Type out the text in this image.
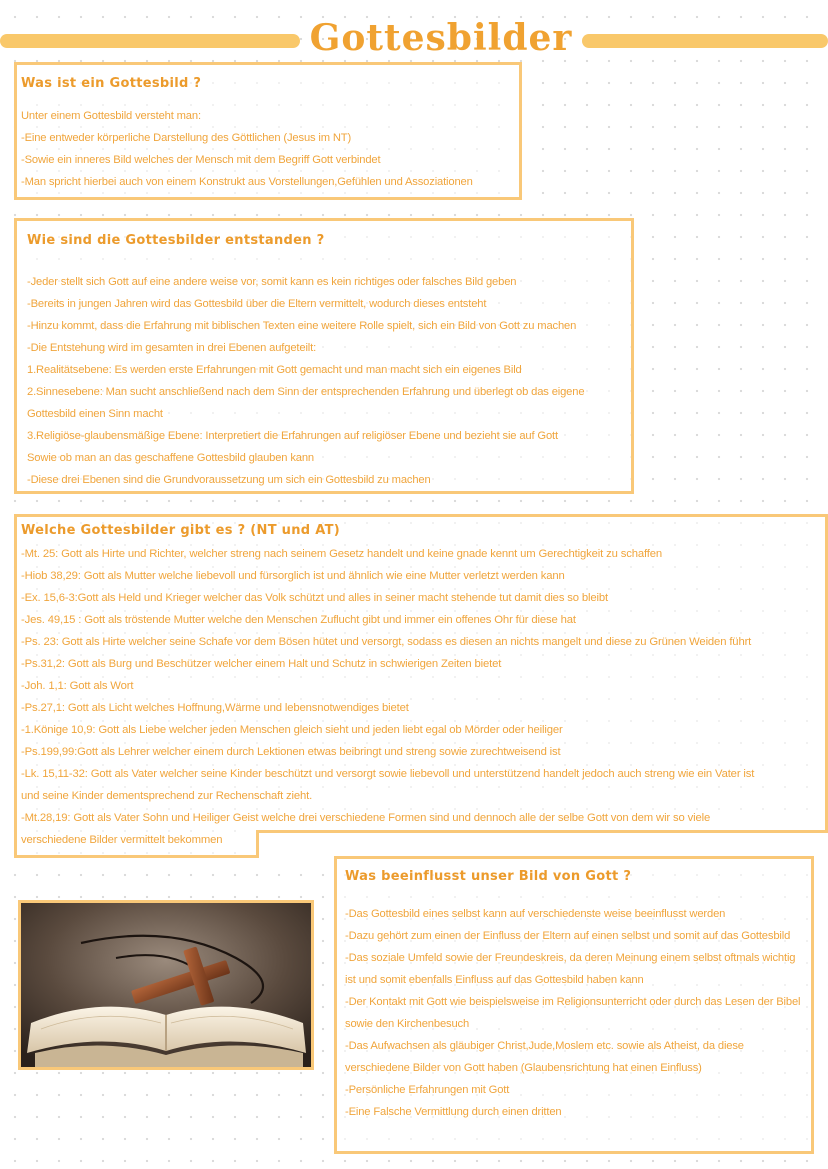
Gottesbilder
Was ist ein Gottesbild ?

Unter einem Gottesbild versteht man:

-Eine entweder körperliche Darstellung des Göttlichen (Jesus im NT)

-Sowie ein inneres Bild welches der Mensch mit dem Begriff Gott verbindet

-Man spricht hierbei auch von einem Konstrukt aus Vorstellungen,Gefühlen und Assoziationen

Wie sind die Gottesbilder entstanden ?

-Jeder stellt sich Gott auf eine andere weise vor, somit kann es kein richtiges oder falsches Bild geben

-Bereits in jungen Jahren wird das Gottesbild über die Eltern vermittelt, wodurch dieses entsteht

-Hinzu kommt, dass die Erfahrung mit biblischen Texten eine weitere Rolle spielt, sich ein Bild von Gott zu machen

-Die Entstehung wird im gesamten in drei Ebenen aufgeteilt:

1.Realitätsebene: Es werden erste Erfahrungen mit Gott gemacht und man macht sich ein eigenes Bild

2.Sinnesebene: Man sucht anschließend nach dem Sinn der entsprechenden Erfahrung und überlegt ob das eigene

Gottesbild einen Sinn macht

3.Religiöse-glaubensmäßige Ebene: Interpretiert die Erfahrungen auf religiöser Ebene und bezieht sie auf Gott

Sowie ob man an das geschaffene Gottesbild glauben kann

-Diese drei Ebenen sind die Grundvoraussetzung um sich ein Gottesbild zu machen

Welche Gottesbilder gibt es ? (NT und AT)

-Mt. 25: Gott als Hirte und Richter, welcher streng nach seinem Gesetz handelt und keine gnade kennt um Gerechtigkeit zu schaffen

-Hiob 38,29: Gott als Mutter welche liebevoll und fürsorglich ist und ähnlich wie eine Mutter verletzt werden kann

-Ex. 15,6-3:Gott als Held und Krieger welcher das Volk schützt und alles in seiner macht stehende tut damit dies so bleibt

-Jes. 49,15 : Gott als tröstende Mutter welche den Menschen Zuflucht gibt und immer ein offenes Ohr für diese hat

-Ps. 23: Gott als Hirte welcher seine Schafe vor dem Bösen hütet und versorgt, sodass es diesen an nichts mangelt und diese zu Grünen Weiden führt

-Ps.31,2: Gott als Burg und Beschützer welcher einem Halt und Schutz in schwierigen Zeiten bietet

-Joh. 1,1: Gott als Wort

-Ps.27,1: Gott als Licht welches Hoffnung,Wärme und lebensnotwendiges bietet

-1.Könige 10,9: Gott als Liebe welcher jeden Menschen gleich sieht und jeden liebt egal ob Mörder oder heiliger

-Ps.199,99:Gott als Lehrer welcher einem durch Lektionen etwas beibringt und streng sowie zurechtweisend ist

-Lk. 15,11-32: Gott als Vater welcher seine Kinder beschützt und versorgt sowie liebevoll und unterstützend handelt jedoch auch streng wie ein Vater ist

und seine Kinder dementsprechend zur Rechenschaft zieht.

-Mt.28,19: Gott als Vater Sohn und Heiliger Geist welche drei verschiedene Formen sind und dennoch alle der selbe Gott von dem wir so viele

verschiedene Bilder vermittelt bekommen

Was beeinflusst unser Bild von Gott ?

-Das Gottesbild eines selbst kann auf verschiedenste weise beeinflusst werden

-Dazu gehört zum einen der Einfluss der Eltern auf einen selbst und somit auf das Gottesbild

-Das soziale Umfeld sowie der Freundeskreis, da deren Meinung einem selbst oftmals wichtig ist und somit ebenfalls Einfluss auf das Gottesbild haben kann

-Der Kontakt mit Gott wie beispielsweise im Religionsunterricht oder durch das Lesen der Bibel sowie den Kirchenbesuch

-Das Aufwachsen als gläubiger Christ,Jude,Moslem etc. sowie als Atheist, da diese verschiedene Bilder von Gott haben (Glaubensrichtung hat einen Einfluss)

-Persönliche Erfahrungen mit Gott

-Eine Falsche Vermittlung durch einen dritten
